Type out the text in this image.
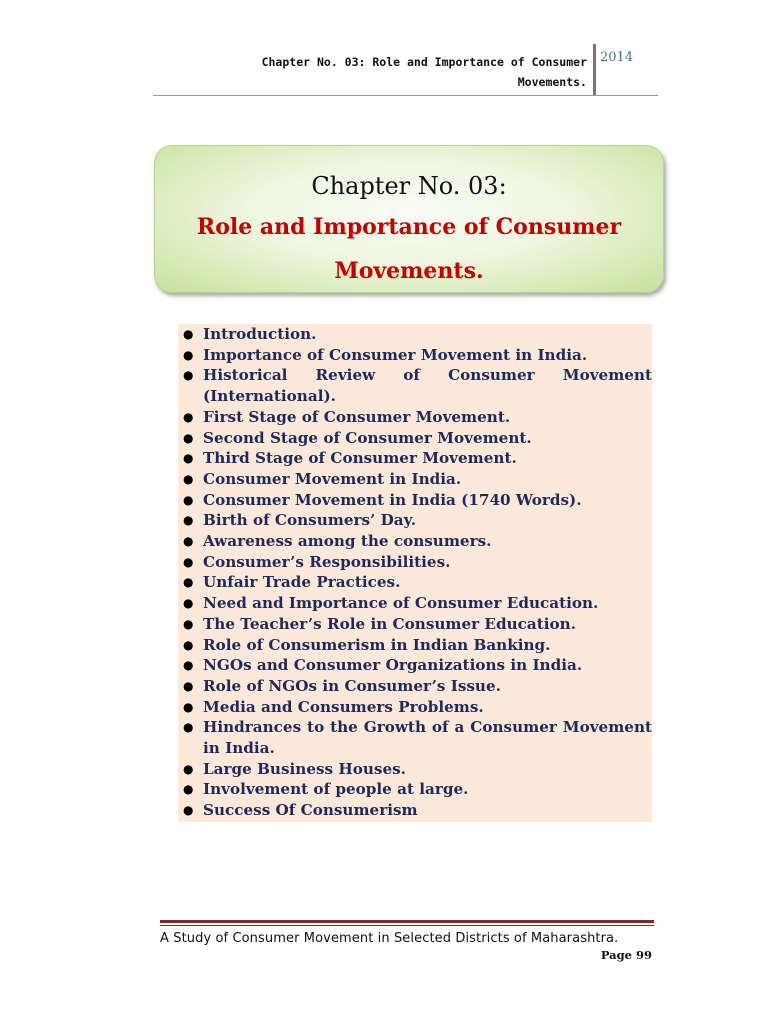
Chapter No. 03: Role and Importance of Consumer
Movements.
2014
Chapter No. 03:
Role and Importance of Consumer
Movements.
● Introduction.
● Importance of Consumer Movement in India.
● Historical Review of Consumer Movement (International).
● First Stage of Consumer Movement.
● Second Stage of Consumer Movement.
● Third Stage of Consumer Movement.
● Consumer Movement in India.
● Consumer Movement in India (1740 Words).
● Birth of Consumers’ Day.
● Awareness among the consumers.
● Consumer’s Responsibilities.
● Unfair Trade Practices.
● Need and Importance of Consumer Education.
● The Teacher’s Role in Consumer Education.
● Role of Consumerism in Indian Banking.
● NGOs and Consumer Organizations in India.
● Role of NGOs in Consumer’s Issue.
● Media and Consumers Problems.
● Hindrances to the Growth of a Consumer Movement in India.
● Large Business Houses.
● Involvement of people at large.
● Success Of Consumerism
A Study of Consumer Movement in Selected Districts of Maharashtra.
Page 99
